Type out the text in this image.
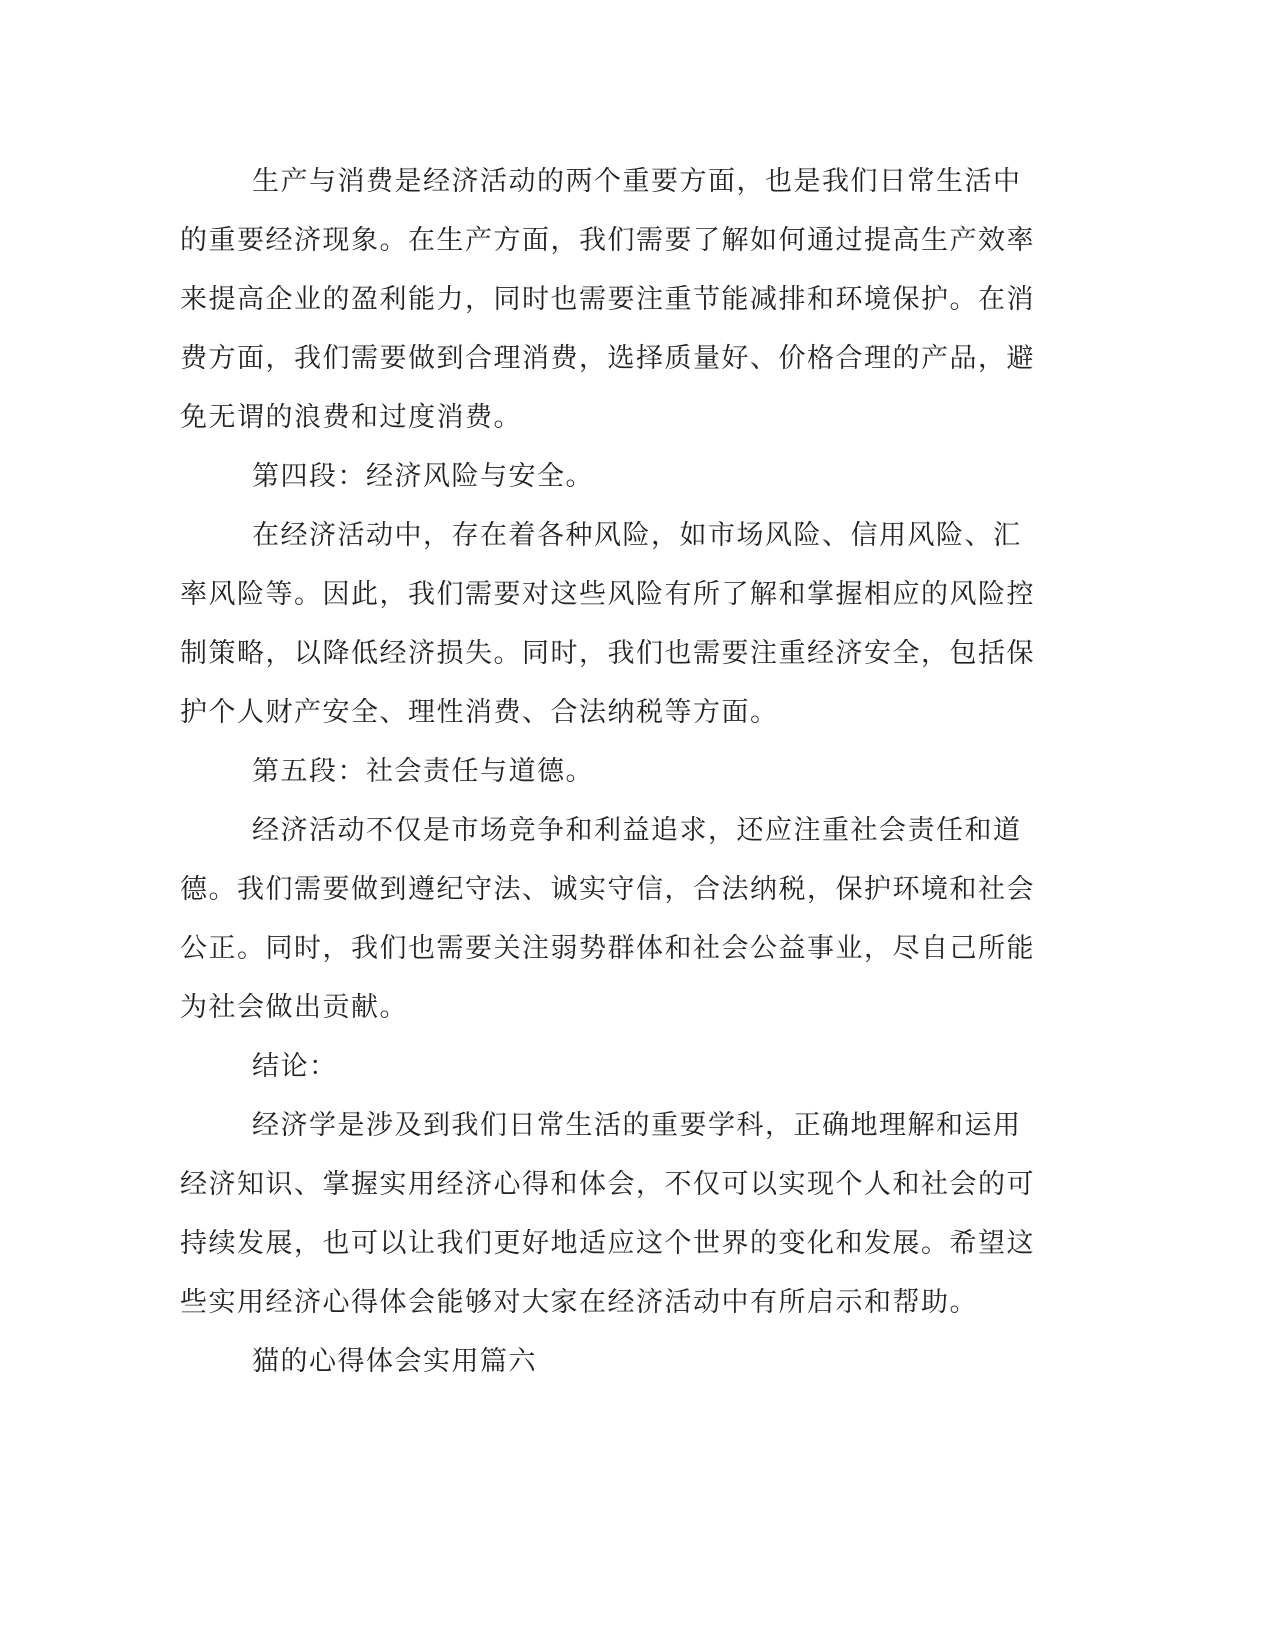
生产与消费是经济活动的两个重要方面，也是我们日常生活中的重要经济现象。在生产方面，我们需要了解如何通过提高生产效率来提高企业的盈利能力，同时也需要注重节能减排和环境保护。在消费方面，我们需要做到合理消费，选择质量好、价格合理的产品，避免无谓的浪费和过度消费。

第四段：经济风险与安全。

在经济活动中，存在着各种风险，如市场风险、信用风险、汇率风险等。因此，我们需要对这些风险有所了解和掌握相应的风险控制策略，以降低经济损失。同时，我们也需要注重经济安全，包括保护个人财产安全、理性消费、合法纳税等方面。

第五段：社会责任与道德。

经济活动不仅是市场竞争和利益追求，还应注重社会责任和道德。我们需要做到遵纪守法、诚实守信，合法纳税，保护环境和社会公正。同时，我们也需要关注弱势群体和社会公益事业，尽自己所能为社会做出贡献。

结论：

经济学是涉及到我们日常生活的重要学科，正确地理解和运用经济知识、掌握实用经济心得和体会，不仅可以实现个人和社会的可持续发展，也可以让我们更好地适应这个世界的变化和发展。希望这些实用经济心得体会能够对大家在经济活动中有所启示和帮助。

猫的心得体会实用篇六
